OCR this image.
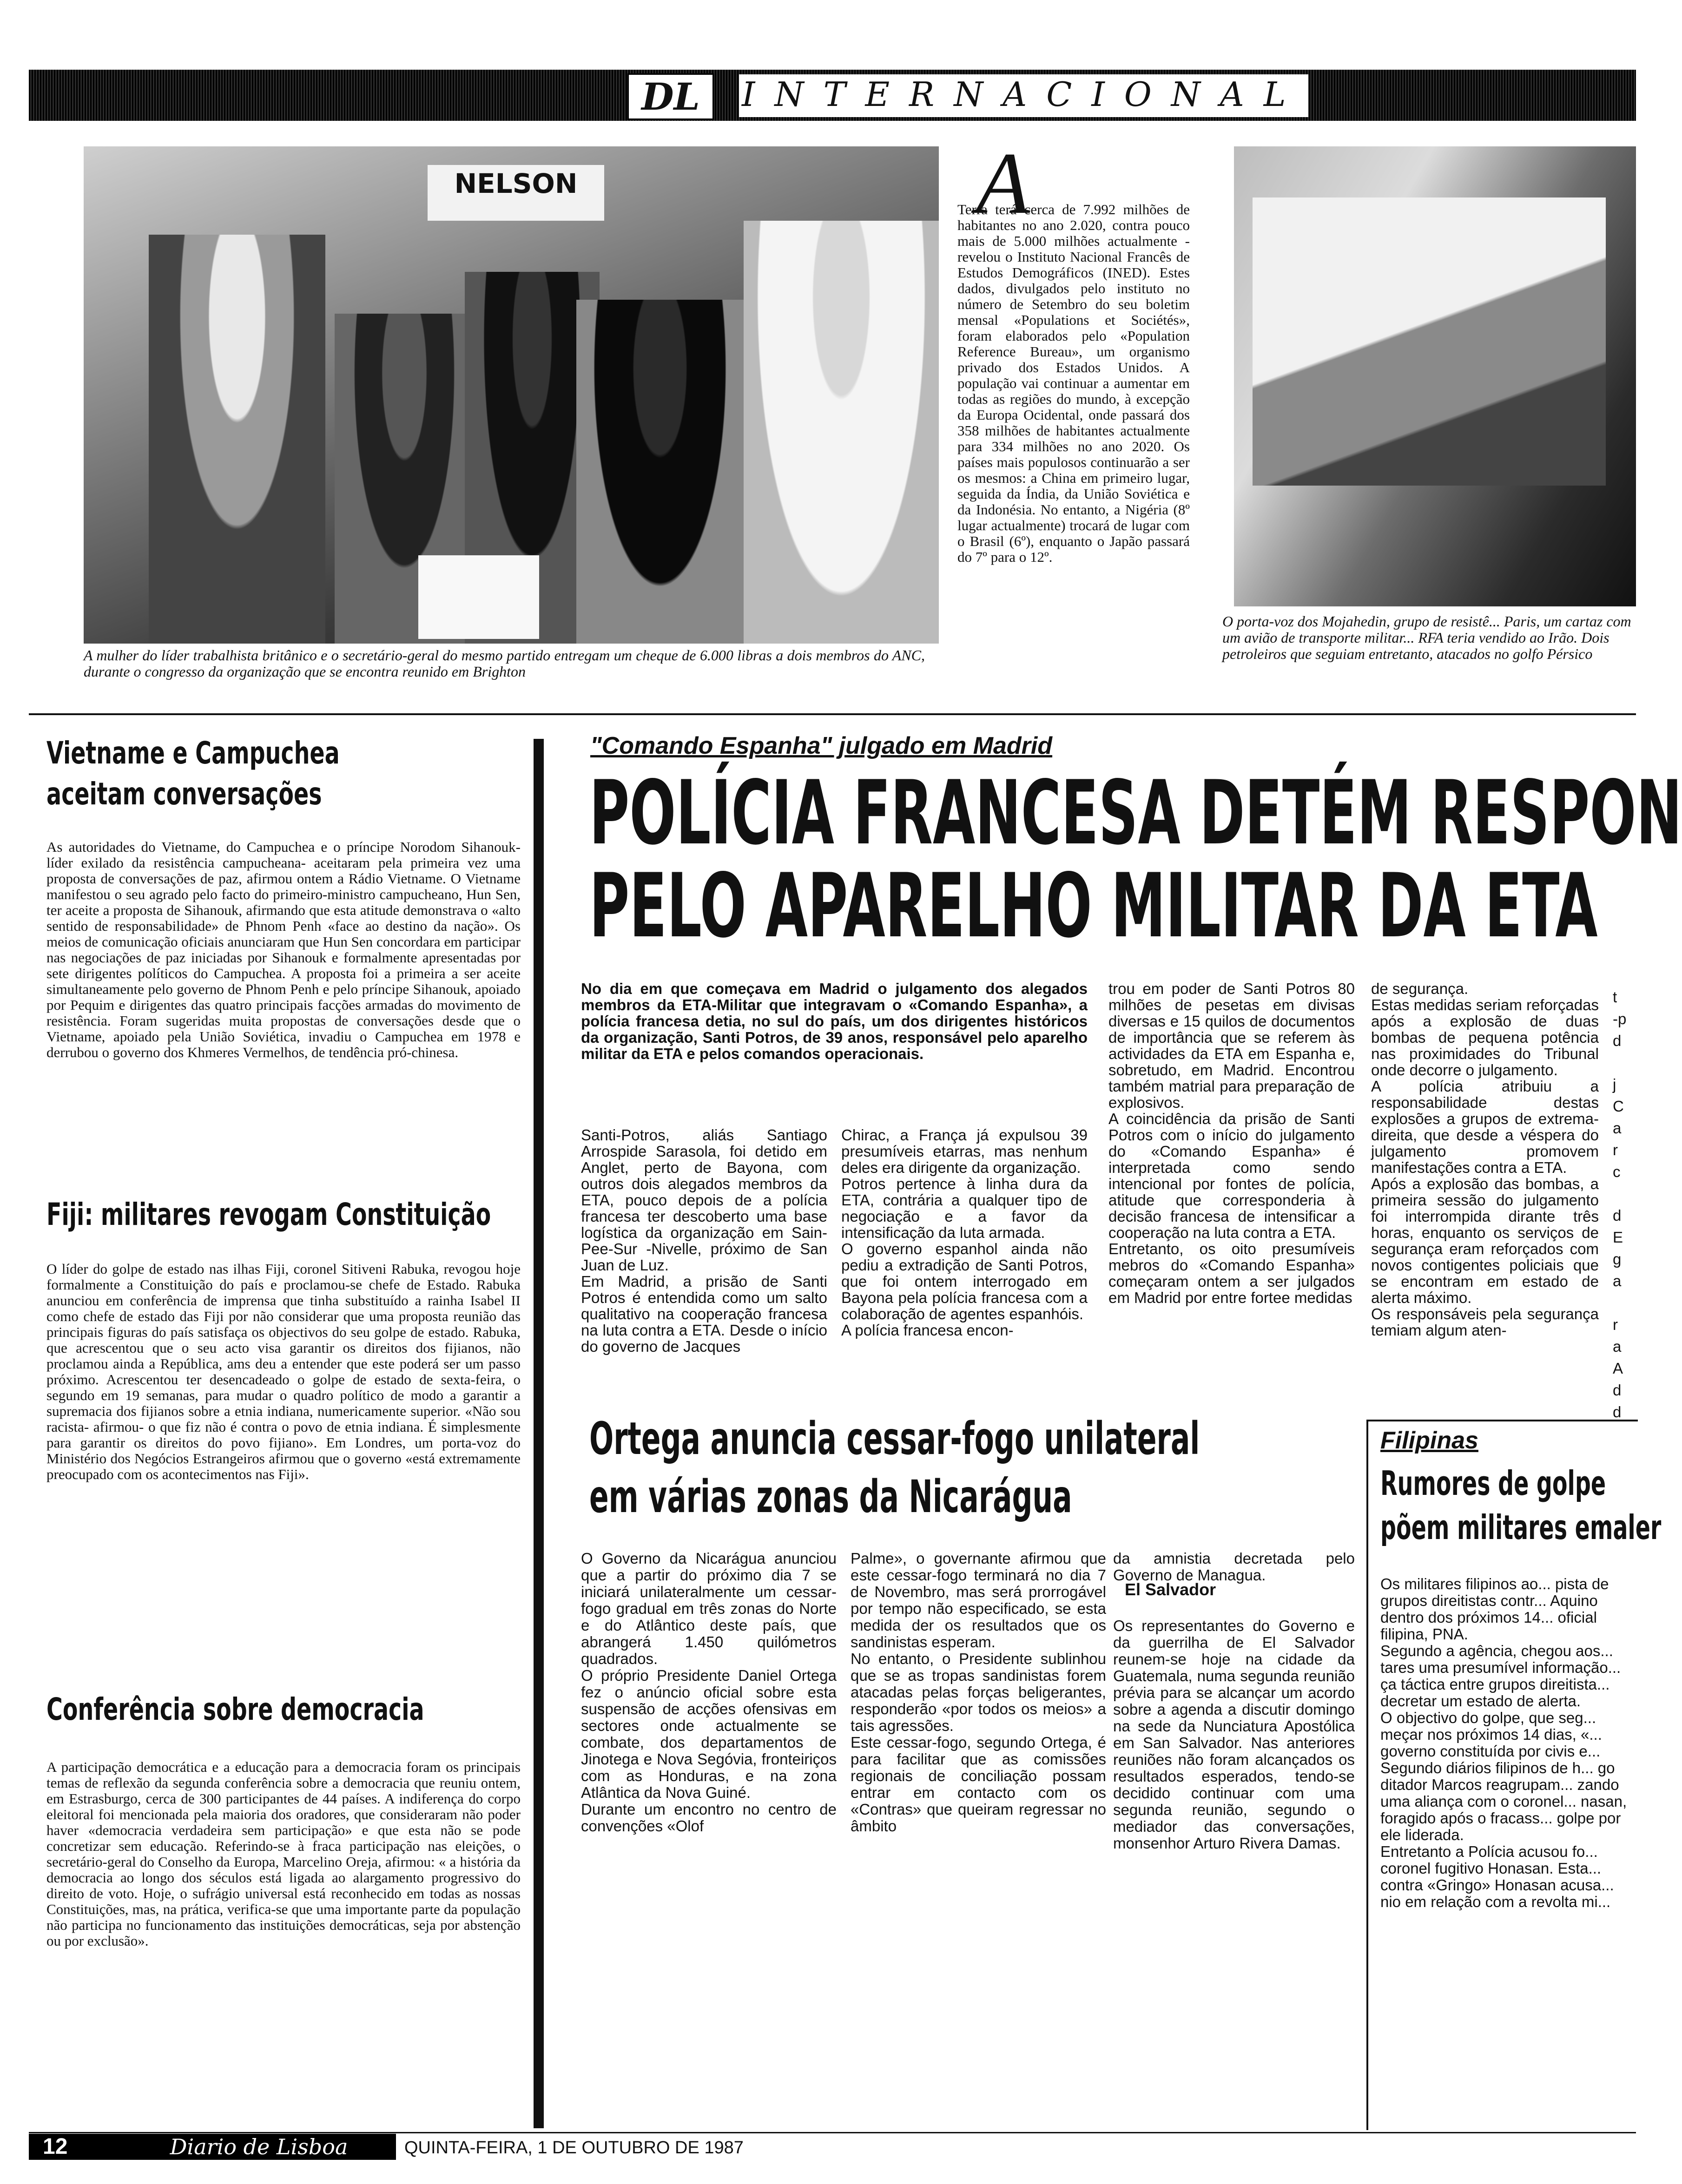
DL	INTERNACIONAL
NELSON
A mulher do líder trabalhista britânico e o secretário-geral do mesmo partido entregam um cheque de 6.000 libras a dois membros do ANC, durante o congresso da organização que se encontra reunido em Brighton
A

Terra terá cerca de 7.992 milhões de habitantes no ano 2.020, contra pouco mais de 5.000 milhões actualmente - revelou o Instituto Nacional Francês de Estudos Demográficos (INED). Estes dados, divulgados pelo instituto no número de Setembro do seu boletim mensal «Populations et Sociétés», foram elaborados pelo «Population Reference Bureau», um organismo privado dos Estados Unidos. A população vai continuar a aumentar em todas as regiões do mundo, à excepção da Europa Ocidental, onde passará dos 358 milhões de habitantes actualmente para 334 milhões no ano 2020. Os países mais populosos continuarão a ser os mesmos: a China em primeiro lugar, seguida da Índia, da União Soviética e da Indonésia. No entanto, a Nigéria (8º lugar actualmente) trocará de lugar com o Brasil (6º), enquanto o Japão passará do 7º para o 12º.

O porta-voz dos Mojahedin, grupo de resistê... Paris, um cartaz com um avião de transporte militar... RFA teria vendido ao Irão. Dois petroleiros que seguiam entretanto, atacados no golfo Pérsico
Vietname e Campuchea
aceitam conversações

As autoridades do Vietname, do Campuchea e o príncipe Norodom Sihanouk- líder exilado da resistência campucheana- aceitaram pela primeira vez uma proposta de conversações de paz, afirmou ontem a Rádio Vietname. O Vietname manifestou o seu agrado pelo facto do primeiro-ministro campucheano, Hun Sen, ter aceite a proposta de Sihanouk, afirmando que esta atitude demonstrava o «alto sentido de responsabilidade» de Phnom Penh «face ao destino da nação». Os meios de comunicação oficiais anunciaram que Hun Sen concordara em participar nas negociações de paz iniciadas por Sihanouk e formalmente apresentadas por sete dirigentes políticos do Campuchea. A proposta foi a primeira a ser aceite simultaneamente pelo governo de Phnom Penh e pelo príncipe Sihanouk, apoiado por Pequim e dirigentes das quatro principais facções armadas do movimento de resistência. Foram sugeridas muita propostas de conversações desde que o Vietname, apoiado pela União Soviética, invadiu o Campuchea em 1978 e derrubou o governo dos Khmeres Vermelhos, de tendência pró-chinesa.

Fiji: militares revogam Constituição

O líder do golpe de estado nas ilhas Fiji, coronel Sitiveni Rabuka, revogou hoje formalmente a Constituição do país e proclamou-se chefe de Estado. Rabuka anunciou em conferência de imprensa que tinha substituído a rainha Isabel II como chefe de estado das Fiji por não considerar que uma proposta reunião das principais figuras do país satisfaça os objectivos do seu golpe de estado. Rabuka, que acrescentou que o seu acto visa garantir os direitos dos fijianos, não proclamou ainda a República, ams deu a entender que este poderá ser um passo próximo. Acrescentou ter desencadeado o golpe de estado de sexta-feira, o segundo em 19 semanas, para mudar o quadro político de modo a garantir a supremacia dos fijianos sobre a etnia indiana, numericamente superior. «Não sou racista- afirmou- o que fiz não é contra o povo de etnia indiana. É simplesmente para garantir os direitos do povo fijiano». Em Londres, um porta-voz do Ministério dos Negócios Estrangeiros afirmou que o governo «está extremamente preocupado com os acontecimentos nas Fiji».

Conferência sobre democracia

A participação democrática e a educação para a democracia foram os principais temas de reflexão da segunda conferência sobre a democracia que reuniu ontem, em Estrasburgo, cerca de 300 participantes de 44 países. A indiferença do corpo eleitoral foi mencionada pela maioria dos oradores, que consideraram não poder haver «democracia verdadeira sem participação» e que esta não se pode concretizar sem educação. Referindo-se à fraca participação nas eleições, o secretário-geral do Conselho da Europa, Marcelino Oreja, afirmou: « a história da democracia ao longo dos séculos está ligada ao alargamento progressivo do direito de voto. Hoje, o sufrágio universal está reconhecido em todas as nossas Constituições, mas, na prática, verifica-se que uma importante parte da população não participa no funcionamento das instituições democráticas, seja por abstenção ou por exclusão».

"Comando Espanha" julgado em Madrid
POLÍCIA FRANCESA DETÉM RESPON
PELO APARELHO MILITAR DA ETA

No dia em que começava em Madrid o julgamento dos alegados membros da ETA-Militar que integravam o «Comando Espanha», a polícia francesa detia, no sul do país, um dos dirigentes históricos da organização, Santi Potros, de 39 anos, responsável pelo aparelho militar da ETA e pelos comandos operacionais.

Santi-Potros, aliás Santiago Arrospide Sarasola, foi detido em Anglet, perto de Bayona, com outros dois alegados membros da ETA, pouco depois de a polícia francesa ter descoberto uma base logística da organização em Sain-Pee-Sur -Nivelle, próximo de San Juan de Luz.
Em Madrid, a prisão de Santi Potros é entendida como um salto qualitativo na cooperação francesa na luta contra a ETA. Desde o início do governo de Jacques

Chirac, a França já expulsou 39 presumíveis etarras, mas nenhum deles era dirigente da organização.
Potros pertence à linha dura da ETA, contrária a qualquer tipo de negociação e a favor da intensificação da luta armada.
O governo espanhol ainda não pediu a extradição de Santi Potros, que foi ontem interrogado em Bayona pela polícia francesa com a colaboração de agentes espanhóis.
A polícia francesa encon-

trou em poder de Santi Potros 80 milhões de pesetas em divisas diversas e 15 quilos de documentos de importância que se referem às actividades da ETA em Espanha e, sobretudo, em Madrid. Encontrou também matrial para preparação de explosivos.
A coincidência da prisão de Santi Potros com o início do julgamento do «Comando Espanha» é interpretada como sendo intencional por fontes de polícia, atitude que corresponderia à decisão francesa de intensificar a cooperação na luta contra a ETA.
Entretanto, os oito presumíveis mebros do «Comando Espanha» começaram ontem a ser julgados em Madrid por entre fortee medidas

de segurança.
Estas medidas seriam reforçadas após a explosão de duas bombas de pequena potência nas proximidades do Tribunal onde decorre o julgamento.
A polícia atribuiu a responsabilidade destas explosões a grupos de extrema-direita, que desde a véspera do julgamento promovem manifestações contra a ETA.
Após a explosão das bombas, a primeira sessão do julgamento foi interrompida dirante três horas, enquanto os serviços de segurança eram reforçados com novos contigentes policiais que se encontram em estado de alerta máximo.
Os responsáveis pela segurança temiam algum aten-

t
-p
d

j
C
a
r
c

d
E
g
a

r
a
A
d
d

Ortega anuncia cessar-fogo unilateral
em várias zonas da Nicarágua

O Governo da Nicarágua anunciou que a partir do próximo dia 7 se iniciará unilateralmente um cessar-fogo gradual em três zonas do Norte e do Atlântico deste país, que abrangerá 1.450 quilómetros quadrados.
O próprio Presidente Daniel Ortega fez o anúncio oficial sobre esta suspensão de acções ofensivas em sectores onde actualmente se combate, dos departamentos de Jinotega e Nova Segóvia, fronteiriços com as Honduras, e na zona Atlântica da Nova Guiné.
Durante um encontro no centro de convenções «Olof

Palme», o governante afirmou que este cessar-fogo terminará no dia 7 de Novembro, mas será prorrogável por tempo não especificado, se esta medida der os resultados que os sandinistas esperam.
No entanto, o Presidente sublinhou que se as tropas sandinistas forem atacadas pelas forças beligerantes, responderão «por todos os meios» a tais agressões.
Este cessar-fogo, segundo Ortega, é para facilitar que as comissões regionais de conciliação possam entrar em contacto com os «Contras» que queiram regressar no âmbito

da amnistia decretada pelo Governo de Managua.

El Salvador

Os representantes do Governo e da guerrilha de El Salvador reunem-se hoje na cidade da Guatemala, numa segunda reunião prévia para se alcançar um acordo sobre a agenda a discutir domingo na sede da Nunciatura Apostólica em San Salvador. Nas anteriores reuniões não foram alcançados os resultados esperados, tendo-se decidido continuar com uma segunda reunião, segundo o mediador das conversações, monsenhor Arturo Rivera Damas.

Filipinas
Rumores de golpe
põem militares emaler

Os militares filipinos ao... pista de grupos direitistas contr... Aquino dentro dos próximos 14... oficial filipina, PNA.
Segundo a agência, chegou aos... tares uma presumível informação... ça táctica entre grupos direitista... decretar um estado de alerta.
O objectivo do golpe, que seg... meçar nos próximos 14 dias, «... governo constituída por civis e...
Segundo diários filipinos de h... go ditador Marcos reagrupam... zando uma aliança com o coronel... nasan, foragido após o fracass... golpe por ele liderada.
Entretanto a Polícia acusou fo... coronel fugitivo Honasan. Esta... contra «Gringo» Honasan acusa... nio em relação com a revolta mi...

12	Diario de Lisboa	QUINTA-FEIRA, 1 DE OUTUBRO DE 1987
